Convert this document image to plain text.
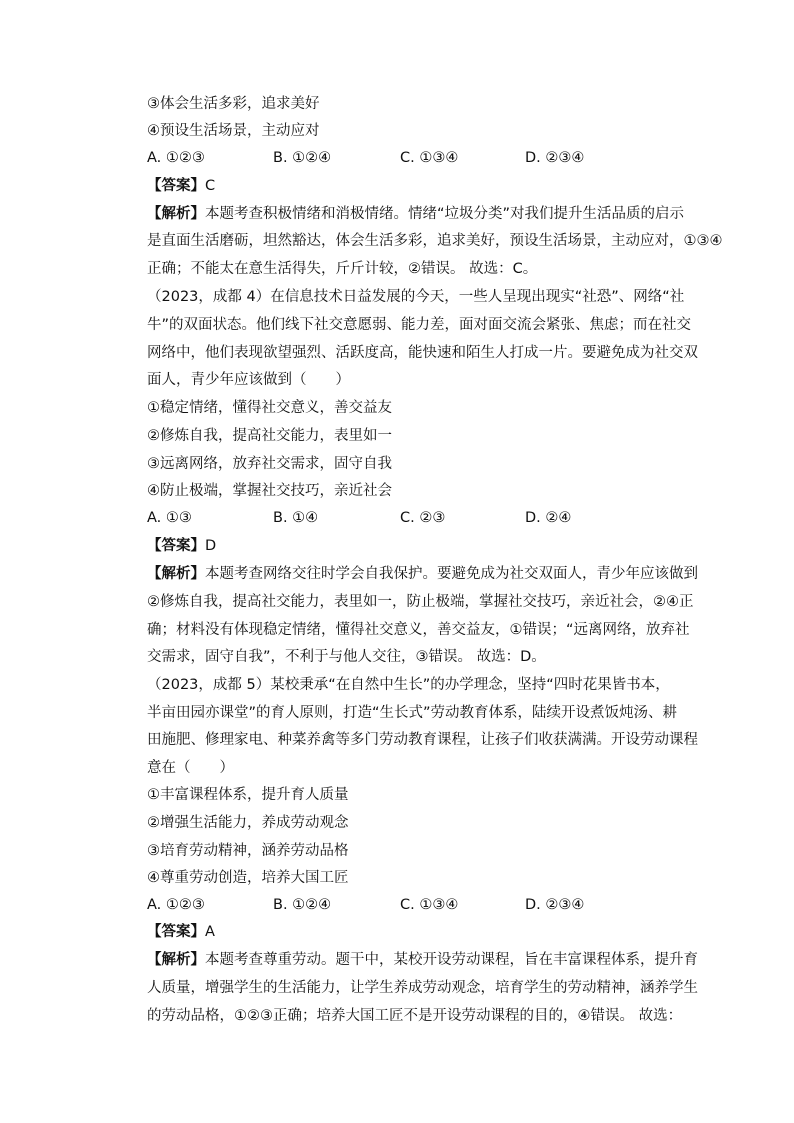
③体会生活多彩，追求美好
④预设生活场景，主动应对
A. ①②③	B. ①②④	C. ①③④	D. ②③④
【答案】C
【解析】本题考查积极情绪和消极情绪。情绪“垃圾分类”对我们提升生活品质的启示
是直面生活磨砺，坦然豁达，体会生活多彩，追求美好，预设生活场景，主动应对，①③④
正确；不能太在意生活得失，斤斤计较，②错误。 故选：C。
（2023，成都 4）在信息技术日益发展的今天，一些人呈现出现实“社恐”、网络“社
牛”的双面状态。他们线下社交意愿弱、能力差，面对面交流会紧张、焦虑；而在社交
网络中，他们表现欲望强烈、活跃度高，能快速和陌生人打成一片。要避免成为社交双
面人，青少年应该做到（　　）
①稳定情绪，懂得社交意义，善交益友
②修炼自我，提高社交能力，表里如一
③远离网络，放弃社交需求，固守自我
④防止极端，掌握社交技巧，亲近社会
A. ①③	B. ①④	C. ②③	D. ②④
【答案】D
【解析】本题考查网络交往时学会自我保护。要避免成为社交双面人，青少年应该做到
②修炼自我，提高社交能力，表里如一，防止极端，掌握社交技巧，亲近社会，②④正
确；材料没有体现稳定情绪，懂得社交意义，善交益友，①错误；“远离网络，放弃社
交需求，固守自我”，不利于与他人交往，③错误。 故选：D。
（2023，成都 5）某校秉承“在自然中生长”的办学理念，坚持“四时花果皆书本，
半亩田园亦课堂”的育人原则，打造“生长式”劳动教育体系，陆续开设煮饭炖汤、耕
田施肥、修理家电、种菜养禽等多门劳动教育课程，让孩子们收获满满。开设劳动课程
意在（　　）
①丰富课程体系，提升育人质量
②增强生活能力，养成劳动观念
③培育劳动精神，涵养劳动品格
④尊重劳动创造，培养大国工匠
A. ①②③	B. ①②④	C. ①③④	D. ②③④
【答案】A
【解析】本题考查尊重劳动。题干中，某校开设劳动课程，旨在丰富课程体系，提升育
人质量，增强学生的生活能力，让学生养成劳动观念，培育学生的劳动精神，涵养学生
的劳动品格，①②③正确；培养大国工匠不是开设劳动课程的目的，④错误。 故选：
